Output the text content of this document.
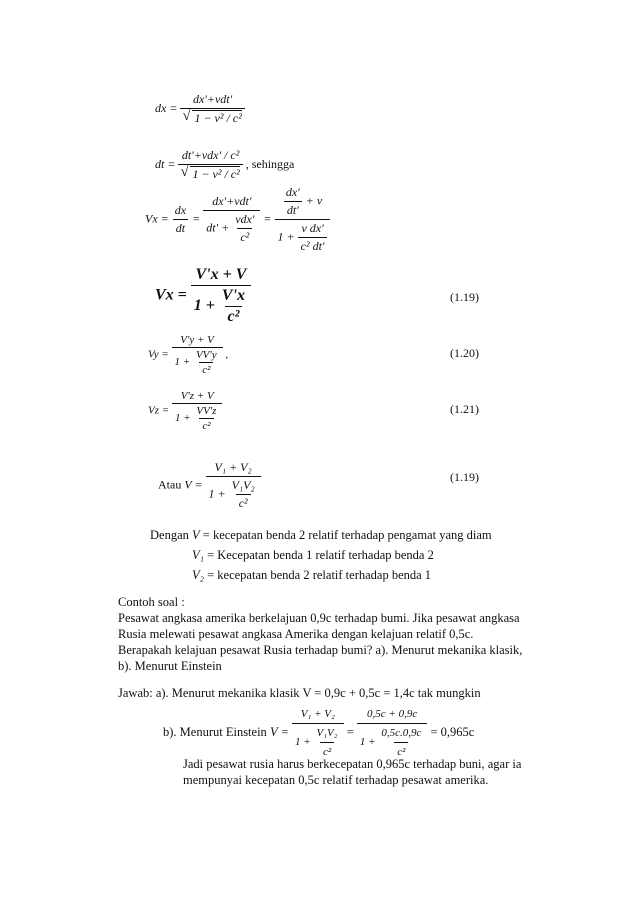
dx = dx'+vdt'
√ 1 − v² / c²
dt = dt'+vdx' / c²
√ 1 − v² / c² , sehingga
$Vx = \frac{dx}{dt} = \frac{\text{dx'+vdt'}}{dt' + \frac{\text{vdx'}}{\text{c²}}} = \frac{\frac{dx'}{dt'} + v}{1 + \frac{\text{v dx'}}{\text{c² dt'}}}$
$Vx = \frac{V'x + V}{1 + \frac{V'x}{\text{c²}}}$	(1.19)
$Vy = \frac{V'y + V}{1 + \frac{VV'y}{\text{c²}}}$ ,	(1.20)
$Vz = \frac{V'z + V}{1 + \frac{VV'z}{\text{c²}}}$	(1.21)
Atau $V = \frac{\text{V₁ + V₂}}{1 + \frac{\text{V₁V₂}}{\text{c²}}}$	(1.19)
Dengan V = kecepatan benda 2 relatif terhadap pengamat yang diam
V₁ = Kecepatan benda 1 relatif terhadap benda 2
V₂ = kecepatan benda 2 relatif terhadap benda 1
Contoh soal :
Pesawat angkasa amerika berkelajuan 0,9c terhadap bumi. Jika pesawat angkasa
Rusia melewati pesawat angkasa Amerika dengan kelajuan relatif 0,5c.
Berapakah kelajuan pesawat Rusia terhadap bumi? a). Menurut mekanika klasik,
b). Menurut Einstein
Jawab: a). Menurut mekanika klasik V = 0,9c + 0,5c = 1,4c tak mungkin
b). Menurut Einstein $V = \frac{\text{V₁ + V₂}}{1 + \frac{\text{V₁V₂}}{\text{c²}}} = \frac{0,5c + 0,9c}{1 + \frac{0,5c.0,9c}{\text{c²}}} = 0,965c$
Jadi pesawat rusia harus berkecepatan 0,965c terhadap buni, agar ia
mempunyai kecepatan 0,5c relatif terhadap pesawat amerika.
